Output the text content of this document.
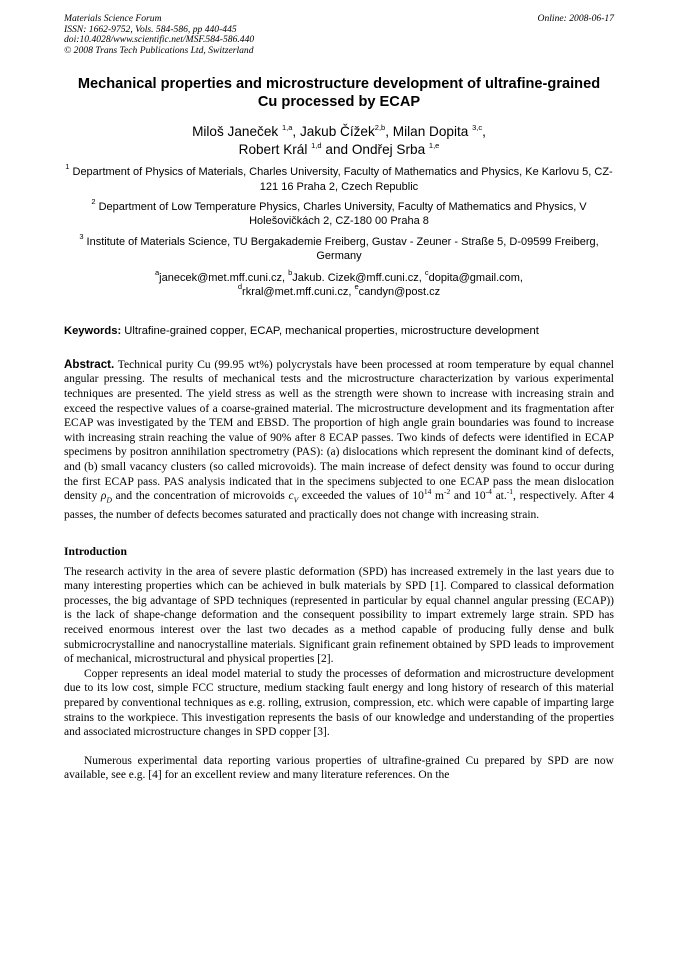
Materials Science Forum
ISSN: 1662-9752, Vols. 584-586, pp 440-445
doi:10.4028/www.scientific.net/MSF.584-586.440
© 2008 Trans Tech Publications Ltd, Switzerland
Online: 2008-06-17
Mechanical properties and microstructure development of ultrafine-grained Cu processed by ECAP
Miloš Janeček $^{1,a}$, Jakub Čížek$^{2,b}$, Milan Dopita $^{3,c}$,
Robert Král $^{1,d}$ and Ondřej Srba $^{1,e}$
$^1$ Department of Physics of Materials, Charles University, Faculty of Mathematics and Physics, Ke Karlovu 5, CZ-121 16 Praha 2, Czech Republic
$^2$ Department of Low Temperature Physics, Charles University, Faculty of Mathematics and Physics, V Holešovičkách 2, CZ-180 00 Praha 8
$^3$ Institute of Materials Science, TU Bergakademie Freiberg, Gustav - Zeuner - Straße 5, D-09599 Freiberg, Germany
$^a$janecek@met.mff.cuni.cz, $^b$Jakub. Cizek@mff.cuni.cz, $^c$dopita@gmail.com,
$^d$rkral@met.mff.cuni.cz, $^e$candyn@post.cz
Keywords: Ultrafine-grained copper, ECAP, mechanical properties, microstructure development
Abstract. Technical purity Cu (99.95 wt%) polycrystals have been processed at room temperature by equal channel angular pressing. The results of mechanical tests and the microstructure characterization by various experimental techniques are presented. The yield stress as well as the strength were shown to increase with increasing strain and exceed the respective values of a coarse-grained material. The microstructure development and its fragmentation after ECAP was investigated by the TEM and EBSD. The proportion of high angle grain boundaries was found to increase with increasing strain reaching the value of 90% after 8 ECAP passes. Two kinds of defects were identified in ECAP specimens by positron annihilation spectrometry (PAS): (a) dislocations which represent the dominant kind of defects, and (b) small vacancy clusters (so called microvoids). The main increase of defect density was found to occur during the first ECAP pass. PAS analysis indicated that in the specimens subjected to one ECAP pass the mean dislocation density $\rho_D$ and the concentration of microvoids $c_V$ exceeded the values of $10^{14}$ $m^{-2}$ and $10^{-4}$ at.$^{-1}$, respectively. After 4 passes, the number of defects becomes saturated and practically does not change with increasing strain.
Introduction
The research activity in the area of severe plastic deformation (SPD) has increased extremely in the last years due to many interesting properties which can be achieved in bulk materials by SPD [1]. Compared to classical deformation processes, the big advantage of SPD techniques (represented in particular by equal channel angular pressing (ECAP)) is the lack of shape-change deformation and the consequent possibility to impart extremely large strain. SPD has received enormous interest over the last two decades as a method capable of producing fully dense and bulk submicrocrystalline and nanocrystalline materials. Significant grain refinement obtained by SPD leads to improvement of mechanical, microstructural and physical properties [2].
Copper represents an ideal model material to study the processes of deformation and microstructure development due to its low cost, simple FCC structure, medium stacking fault energy and long history of research of this material prepared by conventional techniques as e.g. rolling, extrusion, compression, etc. which were capable of imparting large strains to the workpiece. This investigation represents the basis of our knowledge and understanding of the properties and associated microstructure changes in SPD copper [3].
Numerous experimental data reporting various properties of ultrafine-grained Cu prepared by SPD are now available, see e.g. [4] for an excellent review and many literature references. On the
